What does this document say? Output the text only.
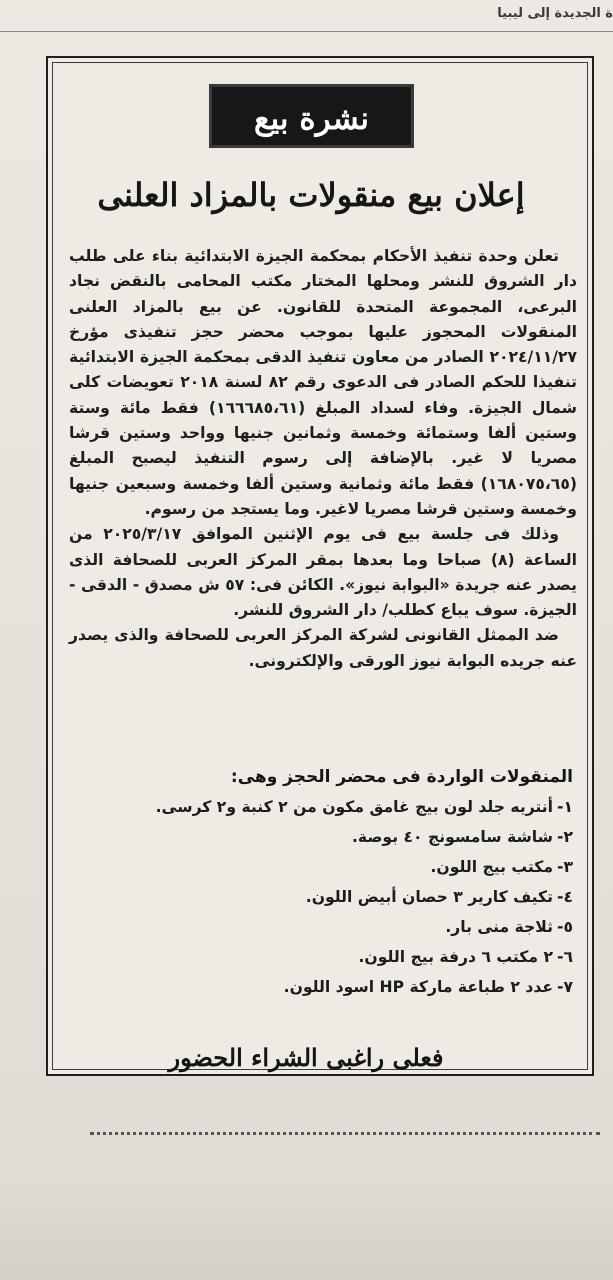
ة الجديدة إلى ليبيا
نشرة بيع
إعلان بيع منقولات بالمزاد العلنى

تعلن وحدة تنفيذ الأحكام بمحكمة الجيزة الابتدائية بناء على طلب دار الشروق للنشر ومحلها المختار مكتب المحامى بالنقض نجاد البرعى، المجموعة المتحدة للقانون. عن بيع بالمزاد العلنى المنقولات المحجوز عليها بموجب محضر حجز تنفيذى مؤرخ ٢٠٢٤/١١/٢٧ الصادر من معاون تنفيذ الدقى بمحكمة الجيزة الابتدائية تنفيذا للحكم الصادر فى الدعوى رقم ٨٢ لسنة ٢٠١٨ تعويضات كلى شمال الجيزة. وفاء لسداد المبلغ (١٦٦٦٨٥،٦١) فقط مائة وستة وستين ألفا وستمائة وخمسة وثمانين جنيها وواحد وستين قرشا مصريا لا غير. بالإضافة إلى رسوم التنفيذ ليصبح المبلغ (١٦٨٠٧٥،٦٥) فقط مائة وثمانية وستين ألفا وخمسة وسبعين جنيها وخمسة وستين قرشا مصريا لاغير. وما يستجد من رسوم.

وذلك فى جلسة بيع فى يوم الإثنين الموافق ٢٠٢٥/٣/١٧ من الساعة (٨) صباحا وما بعدها بمقر المركز العربى للصحافة الذى يصدر عنه جريدة «البوابة نيوز». الكائن فى: ٥٧ ش مصدق - الدقى - الجيزة. سوف يباع كطلب/ دار الشروق للنشر.

ضد الممثل القانونى لشركة المركز العربى للصحافة والذى يصدر عنه جريده البوابة نيوز الورقى والإلكترونى.

المنقولات الواردة فى محضر الحجز وهى:
١-أنتريه جلد لون بيج غامق مكون من ٢ كنبة و٢ كرسى.
٢-شاشة سامسونج ٤٠ بوصة.
٣-مكتب بيج اللون.
٤-تكيف كارير ٣ حصان أبيض اللون.
٥-ثلاجة منى بار.
٦-٢ مكتب ٦ درفة بيج اللون.
٧-عدد ٢ طباعة ماركة HP اسود اللون.
فعلى راغبى الشراء الحضور
